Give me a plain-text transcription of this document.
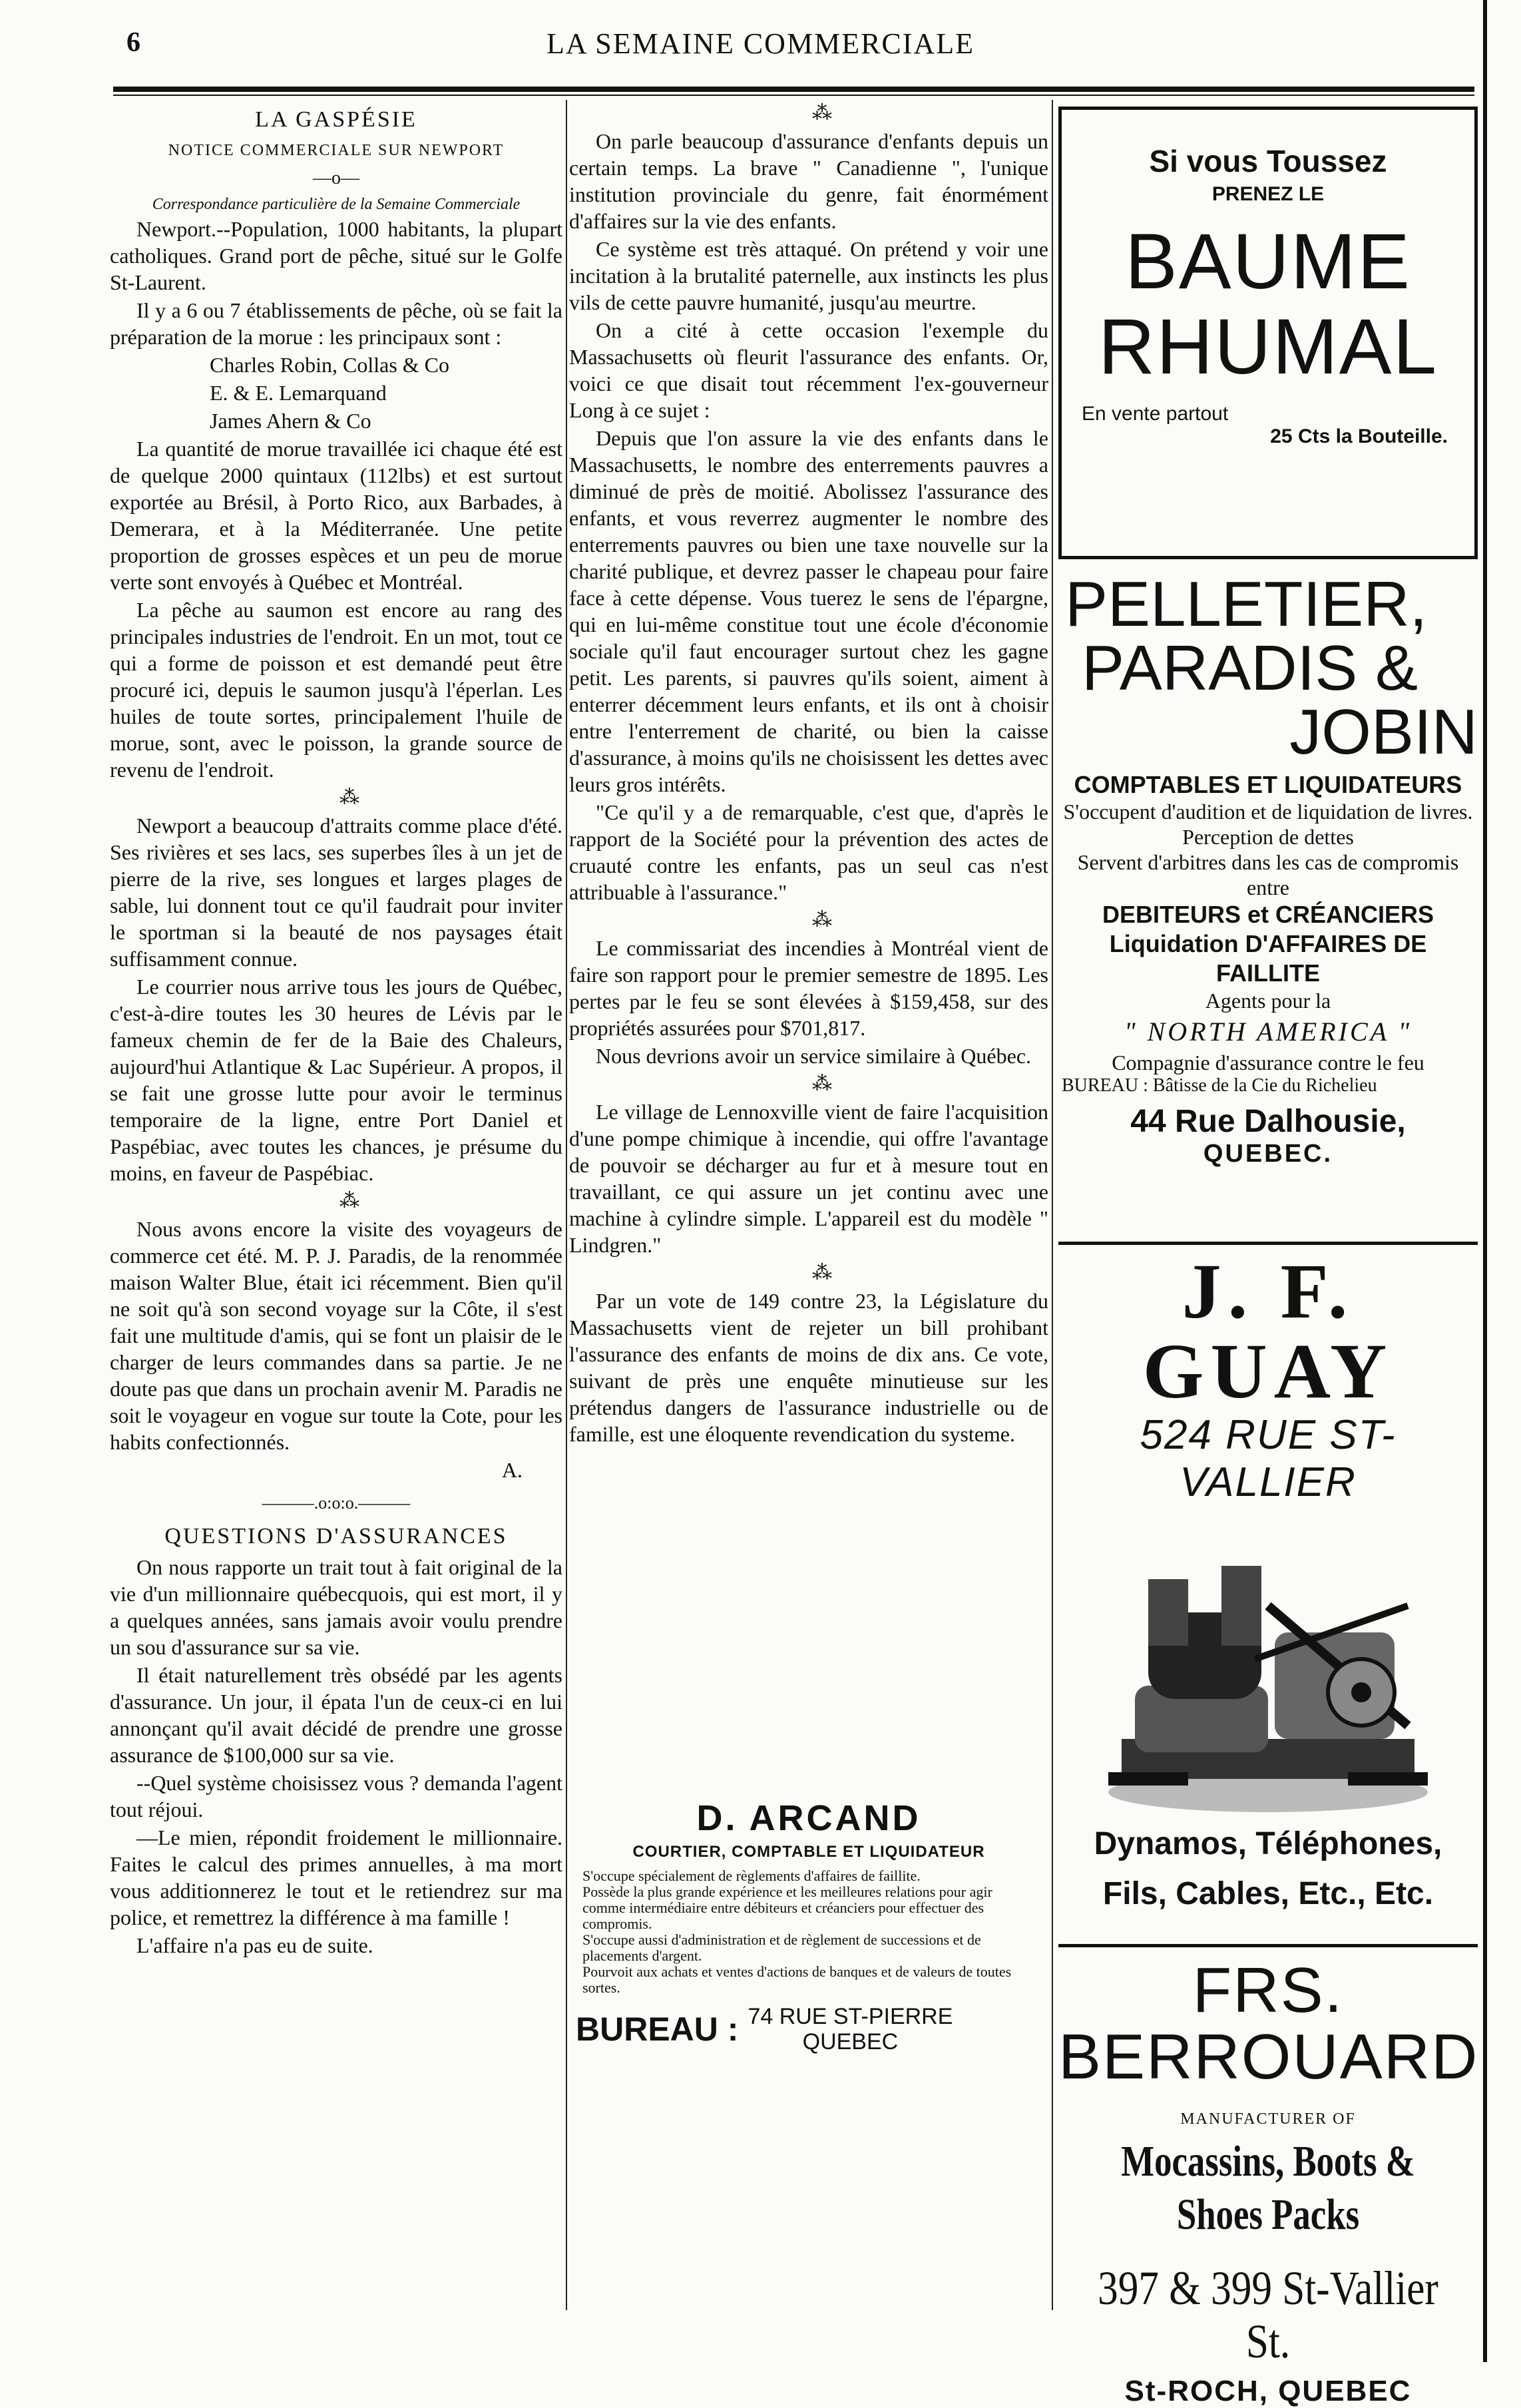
6	LA SEMAINE COMMERCIALE
LA GASPÉSIE
NOTICE COMMERCIALE SUR NEWPORT
—o—

Correspondance particulière de la Semaine Commerciale

Newport.--Population, 1000 habitants, la plupart catholiques. Grand port de pêche, situé sur le Golfe St-Laurent.

Il y a 6 ou 7 établissements de pêche, où se fait la préparation de la morue : les principaux sont :

Charles Robin, Collas & Co

E. & E. Lemarquand

James Ahern & Co

La quantité de morue travaillée ici chaque été est de quelque 2000 quintaux (112lbs) et est surtout exportée au Brésil, à Porto Rico, aux Barbades, à Demerara, et à la Méditerranée. Une petite proportion de grosses espèces et un peu de morue verte sont envoyés à Québec et Montréal.

La pêche au saumon est encore au rang des principales industries de l'endroit. En un mot, tout ce qui a forme de poisson et est demandé peut être procuré ici, depuis le saumon jusqu'à l'éperlan. Les huiles de toute sortes, principalement l'huile de morue, sont, avec le poisson, la grande source de revenu de l'endroit.

⁂

Newport a beaucoup d'attraits comme place d'été. Ses rivières et ses lacs, ses superbes îles à un jet de pierre de la rive, ses longues et larges plages de sable, lui donnent tout ce qu'il faudrait pour inviter le sportman si la beauté de nos paysages était suffisamment connue.

Le courrier nous arrive tous les jours de Québec, c'est-à-dire toutes les 30 heures de Lévis par le fameux chemin de fer de la Baie des Chaleurs, aujourd'hui Atlantique & Lac Supérieur. A propos, il se fait une grosse lutte pour avoir le terminus temporaire de la ligne, entre Port Daniel et Paspébiac, avec toutes les chances, je présume du moins, en faveur de Paspébiac.

⁂

Nous avons encore la visite des voyageurs de commerce cet été. M. P. J. Paradis, de la renommée maison Walter Blue, était ici récemment. Bien qu'il ne soit qu'à son second voyage sur la Côte, il s'est fait une multitude d'amis, qui se font un plaisir de le charger de leurs commandes dans sa partie. Je ne doute pas que dans un prochain avenir M. Paradis ne soit le voyageur en vogue sur toute la Cote, pour les habits confectionnés.

A.

———.o:o:o.———
QUESTIONS D'ASSURANCES

On nous rapporte un trait tout à fait original de la vie d'un millionnaire québecquois, qui est mort, il y a quelques années, sans jamais avoir voulu prendre un sou d'assurance sur sa vie.

Il était naturellement très obsédé par les agents d'assurance. Un jour, il épata l'un de ceux-ci en lui annonçant qu'il avait décidé de prendre une grosse assurance de $100,000 sur sa vie.

--Quel système choisissez vous ? demanda l'agent tout réjoui.

—Le mien, répondit froidement le millionnaire. Faites le calcul des primes annuelles, à ma mort vous additionnerez le tout et le retiendrez sur ma police, et remettrez la différence à ma famille !

L'affaire n'a pas eu de suite.

⁂

On parle beaucoup d'assurance d'enfants depuis un certain temps. La brave " Canadienne ", l'unique institution provinciale du genre, fait énormément d'affaires sur la vie des enfants.

Ce système est très attaqué. On prétend y voir une incitation à la brutalité paternelle, aux instincts les plus vils de cette pauvre humanité, jusqu'au meurtre.

On a cité à cette occasion l'exemple du Massachusetts où fleurit l'assurance des enfants. Or, voici ce que disait tout récemment l'ex-gouverneur Long à ce sujet :

Depuis que l'on assure la vie des enfants dans le Massachusetts, le nombre des enterrements pauvres a diminué de près de moitié. Abolissez l'assurance des enfants, et vous reverrez augmenter le nombre des enterrements pauvres ou bien une taxe nouvelle sur la charité publique, et devrez passer le chapeau pour faire face à cette dépense. Vous tuerez le sens de l'épargne, qui en lui-même constitue tout une école d'économie sociale qu'il faut encourager surtout chez les gagne petit. Les parents, si pauvres qu'ils soient, aiment à enterrer décemment leurs enfants, et ils ont à choisir entre l'enterrement de charité, ou bien la caisse d'assurance, à moins qu'ils ne choisissent les dettes avec leurs gros intérêts.

"Ce qu'il y a de remarquable, c'est que, d'après le rapport de la Société pour la prévention des actes de cruauté contre les enfants, pas un seul cas n'est attribuable à l'assurance."

⁂

Le commissariat des incendies à Montréal vient de faire son rapport pour le premier semestre de 1895. Les pertes par le feu se sont élevées à $159,458, sur des propriétés assurées pour $701,817.

Nous devrions avoir un service similaire à Québec.

⁂

Le village de Lennoxville vient de faire l'acquisition d'une pompe chimique à incendie, qui offre l'avantage de pouvoir se décharger au fur et à mesure tout en travaillant, ce qui assure un jet continu avec une machine à cylindre simple. L'appareil est du modèle " Lindgren."

⁂

Par un vote de 149 contre 23, la Législature du Massachusetts vient de rejeter un bill prohibant l'assurance des enfants de moins de dix ans. Ce vote, suivant de près une enquête minutieuse sur les prétendus dangers de l'assurance industrielle ou de famille, est une éloquente revendication du systeme.

D. ARCAND
COURTIER, COMPTABLE ET LIQUIDATEUR
S'occupe spécialement de règlements d'affaires de faillite.
Possède la plus grande expérience et les meilleures relations pour agir comme intermédiaire entre débiteurs et créanciers pour effectuer des compromis.
S'occupe aussi d'administration et de règlement de successions et de placements d'argent.
Pourvoit aux achats et ventes d'actions de banques et de valeurs de toutes sortes.
BUREAU : 74 RUE ST-PIERRE
QUEBEC
Si vous Toussez
PRENEZ LE
BAUME
RHUMAL
En vente partout
25 Cts la Bouteille.
PELLETIER,
PARADIS &
JOBIN
COMPTABLES ET LIQUIDATEURS
S'occupent d'audition et de liquidation de livres.
Perception de dettes
Servent d'arbitres dans les cas de compromis entre
DEBITEURS et CRÉANCIERS
Liquidation D'AFFAIRES DE FAILLITE
Agents pour la
" NORTH AMERICA "
Compagnie d'assurance contre le feu
BUREAU : Bâtisse de la Cie du Richelieu
44 Rue Dalhousie,
QUEBEC.
J. F. GUAY
524 RUE ST-VALLIER
Dynamos, Téléphones,
Fils, Cables, Etc., Etc.
FRS. BERROUARD
MANUFACTURER OF
Mocassins, Boots & Shoes Packs
397 & 399 St-Vallier St.
St-ROCH, QUEBEC
